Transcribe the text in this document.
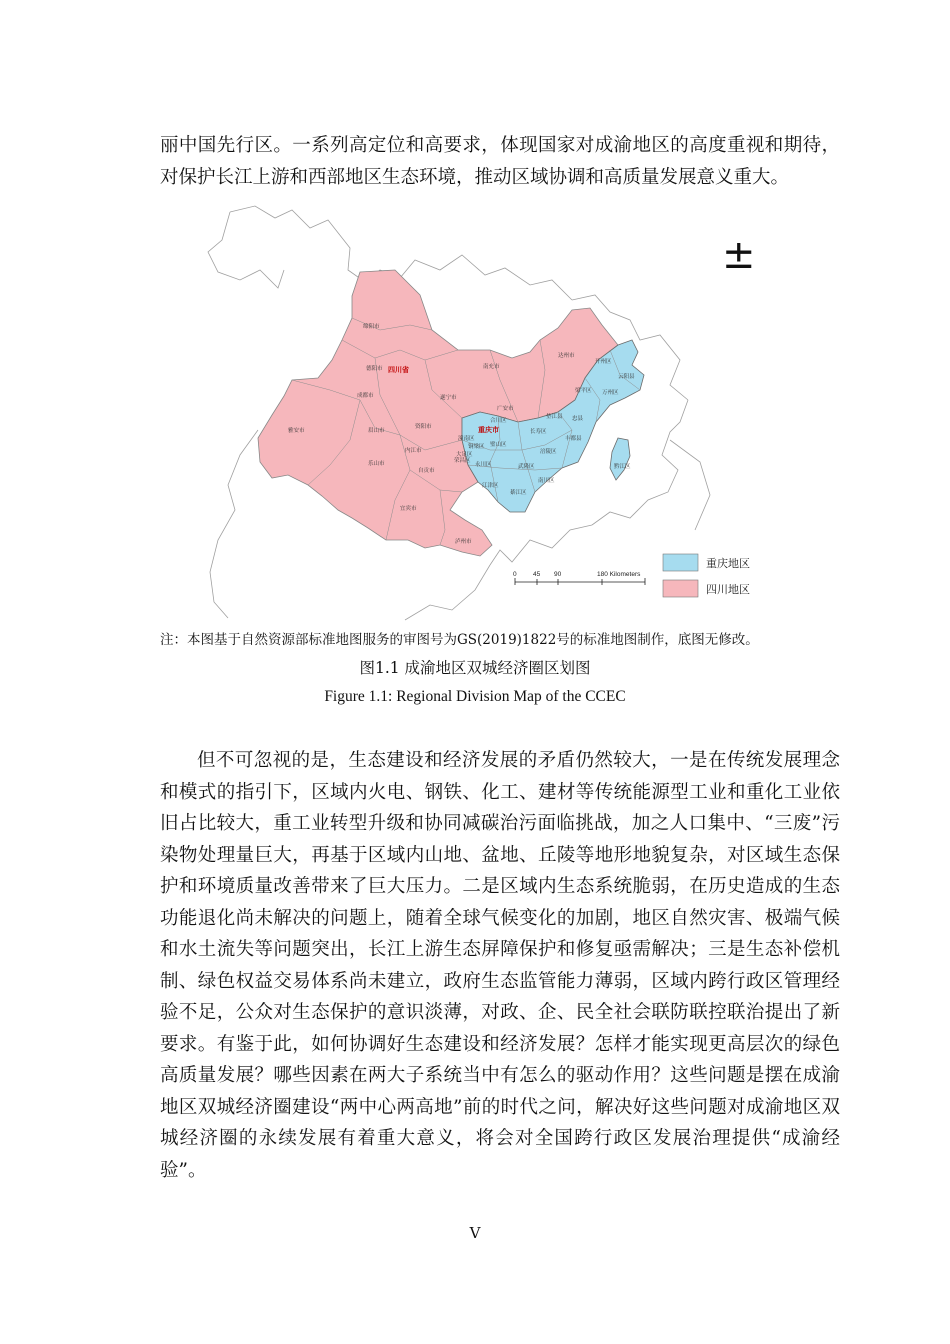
丽中国先行区。一系列高定位和高要求，体现国家对成渝地区的高度重视和期待，对保护长江上游和西部地区生态环境，推动区域协调和高质量发展意义重大。

绵阳市
德阳市 四川省	南充市
达州市
成都市	遂宁市
广安市
雅安市	眉山市
资阳市
内江市
乐山市
自贡市
宜宾市
泸州市
重庆市
开州区
云阳县
万州区
梁平区
垫江县 忠县
丰都县
合川区
潼南区
铜梁区
大足区
荣昌区
永川区
璧山区
长寿区
涪陵区
江津区
南川区
綦江区
武隆区	黔江区
±
0	45 90	180 Kilometers
重庆地区
四川地区

注：本图基于自然资源部标准地图服务的审图号为GS(2019)1822号的标准地图制作，底图无修改。

图1.1 成渝地区双城经济圈区划图

Figure 1.1: Regional Division Map of the CCEC

但不可忽视的是，生态建设和经济发展的矛盾仍然较大，一是在传统发展理念和模式的指引下，区域内火电、钢铁、化工、建材等传统能源型工业和重化工业依旧占比较大，重工业转型升级和协同减碳治污面临挑战，加之人口集中、“三废”污染物处理量巨大，再基于区域内山地、盆地、丘陵等地形地貌复杂，对区域生态保护和环境质量改善带来了巨大压力。二是区域内生态系统脆弱，在历史造成的生态功能退化尚未解决的问题上，随着全球气候变化的加剧，地区自然灾害、极端气候和水土流失等问题突出，长江上游生态屏障保护和修复亟需解决；三是生态补偿机制、绿色权益交易体系尚未建立，政府生态监管能力薄弱，区域内跨行政区管理经验不足，公众对生态保护的意识淡薄，对政、企、民全社会联防联控联治提出了新要求。有鉴于此，如何协调好生态建设和经济发展？怎样才能实现更高层次的绿色高质量发展？哪些因素在两大子系统当中有怎么的驱动作用？这些问题是摆在成渝地区双城经济圈建设“两中心两高地”前的时代之问，解决好这些问题对成渝地区双城经济圈的永续发展有着重大意义，将会对全国跨行政区发展治理提供“成渝经验”。

V
